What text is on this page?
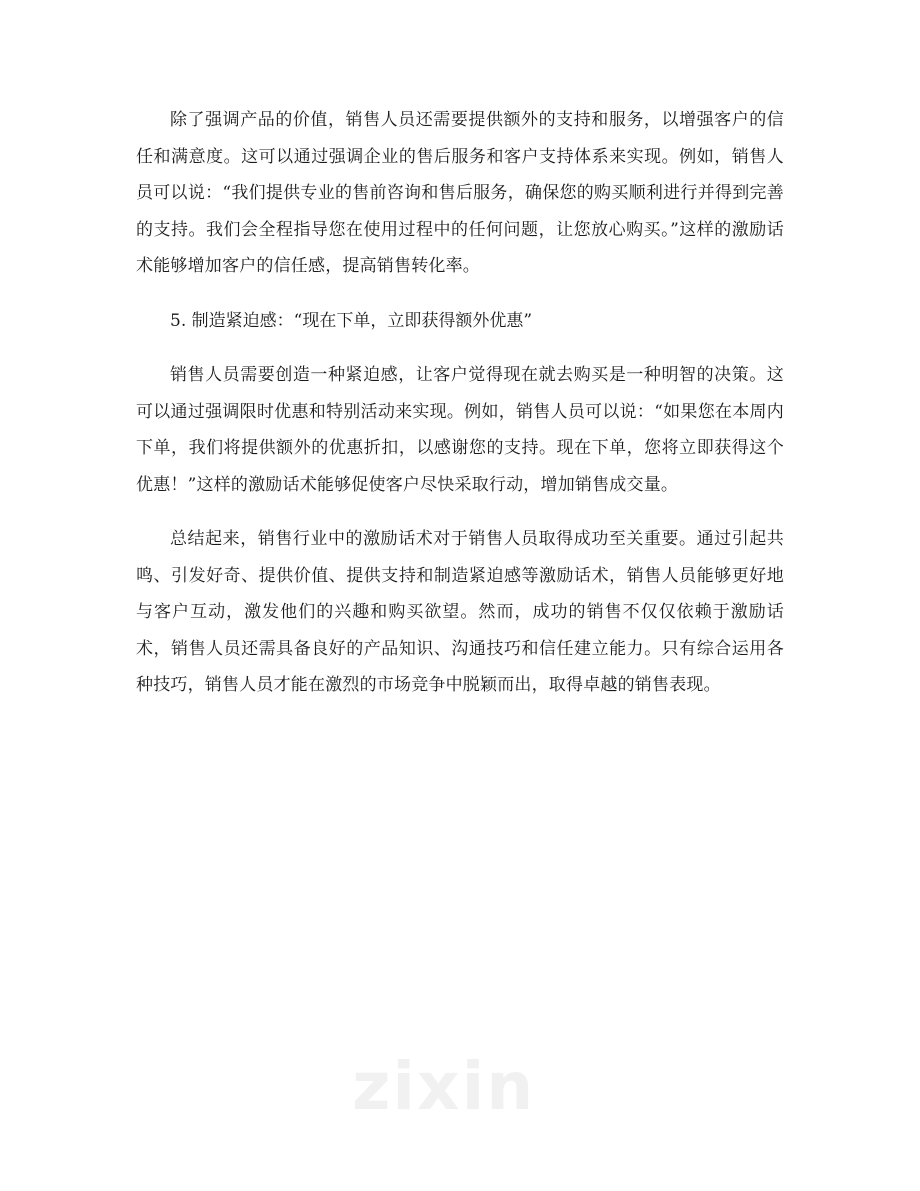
除了强调产品的价值，销售人员还需要提供额外的支持和服务，以增强客户的信任和满意度。这可以通过强调企业的售后服务和客户支持体系来实现。例如，销售人员可以说：“我们提供专业的售前咨询和售后服务，确保您的购买顺利进行并得到完善的支持。我们会全程指导您在使用过程中的任何问题，让您放心购买。”这样的激励话术能够增加客户的信任感，提高销售转化率。

5. 制造紧迫感：“现在下单，立即获得额外优惠”

销售人员需要创造一种紧迫感，让客户觉得现在就去购买是一种明智的决策。这可以通过强调限时优惠和特别活动来实现。例如，销售人员可以说：“如果您在本周内下单，我们将提供额外的优惠折扣，以感谢您的支持。现在下单，您将立即获得这个优惠！”这样的激励话术能够促使客户尽快采取行动，增加销售成交量。

总结起来，销售行业中的激励话术对于销售人员取得成功至关重要。通过引起共鸣、引发好奇、提供价值、提供支持和制造紧迫感等激励话术，销售人员能够更好地与客户互动，激发他们的兴趣和购买欲望。然而，成功的销售不仅仅依赖于激励话术，销售人员还需具备良好的产品知识、沟通技巧和信任建立能力。只有综合运用各种技巧，销售人员才能在激烈的市场竞争中脱颖而出，取得卓越的销售表现。

zixin
